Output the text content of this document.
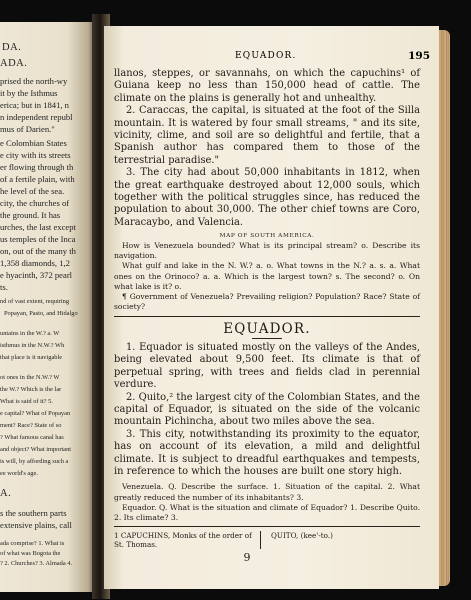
DA.
ADA.
prised the north-wy
it by the Isthmus
erica; but in 1841, n
n independent republ
mus of Darien."
e Colombian States
e city with its streets
er flowing through th
of a fertile plain, with
he level of the sea.
city, the churches of
the ground. It has
urches, the last except
us temples of the Inca
on, out of the many th
1,358 diamonds, 1,2
e hyacinth, 372 pearl
ts.
nd of vast extent, requiring
Popayan, Pasto, and Hidalgo
untains in the W.? a. W
isthmus in the N.W.? Wh
that place is it navigable
ot ones in the N.W.? W
the W.? Which is the lar
What is said of it? 5.
e capital? What of Popayan
ment? Race? State of so
? What famous canal has
and object? What important
is will, by affording such a
ee world's age.
A.
s the southern parts
extensive plains, call
ada comprise? 1. What is
of what was Bogota the
? 2. Churches? 3. Almada 4.
EQUADOR.	195

llanos, steppes, or savannahs, on which the capuchins¹ of Guiana keep no less than 150,000 head of cattle. The climate on the plains is generally hot and unhealthy.

2. Caraccas, the capital, is situated at the foot of the Silla mountain. It is watered by four small streams, " and its site, vicinity, clime, and soil are so delightful and fertile, that a Spanish author has compared them to those of the terrestrial paradise."

3. The city had about 50,000 inhabitants in 1812, when the great earthquake destroyed about 12,000 souls, which together with the political struggles since, has reduced the population to about 30,000. The other chief towns are Coro, Maracaybo, and Valencia.

MAP OF SOUTH AMERICA.

How is Venezuela bounded? What is its principal stream? o. Describe its navigation.

What gulf and lake in the N. W.? a. o. What towns in the N.? a. s. a. What ones on the Orinoco? a. a. Which is the largest town? s. The second? o. On what lake is it? o.

¶ Government of Venezuela? Prevailing religion? Population? Race? State of society?

EQUADOR.

1. Equador is situated mostly on the valleys of the Andes, being elevated about 9,500 feet. Its climate is that of perpetual spring, with trees and fields clad in perennial verdure.

2. Quito,² the largest city of the Colombian States, and the capital of Equador, is situated on the side of the volcanic mountain Pichincha, about two miles above the sea.

3. This city, notwithstanding its proximity to the equator, has on account of its elevation, a mild and delightful climate. It is subject to dreadful earthquakes and tempests, in reference to which the houses are built one story high.

Venezuela. Q. Describe the surface. 1. Situation of the capital. 2. What greatly reduced the number of its inhabitants? 3.

Equador. Q. What is the situation and climate of Equador? 1. Describe Quito. 2. Its climate? 3.

1 CAPUCHINS, Monks of the order of St. Thomas.
QUITO, (kee'-to.)
9
